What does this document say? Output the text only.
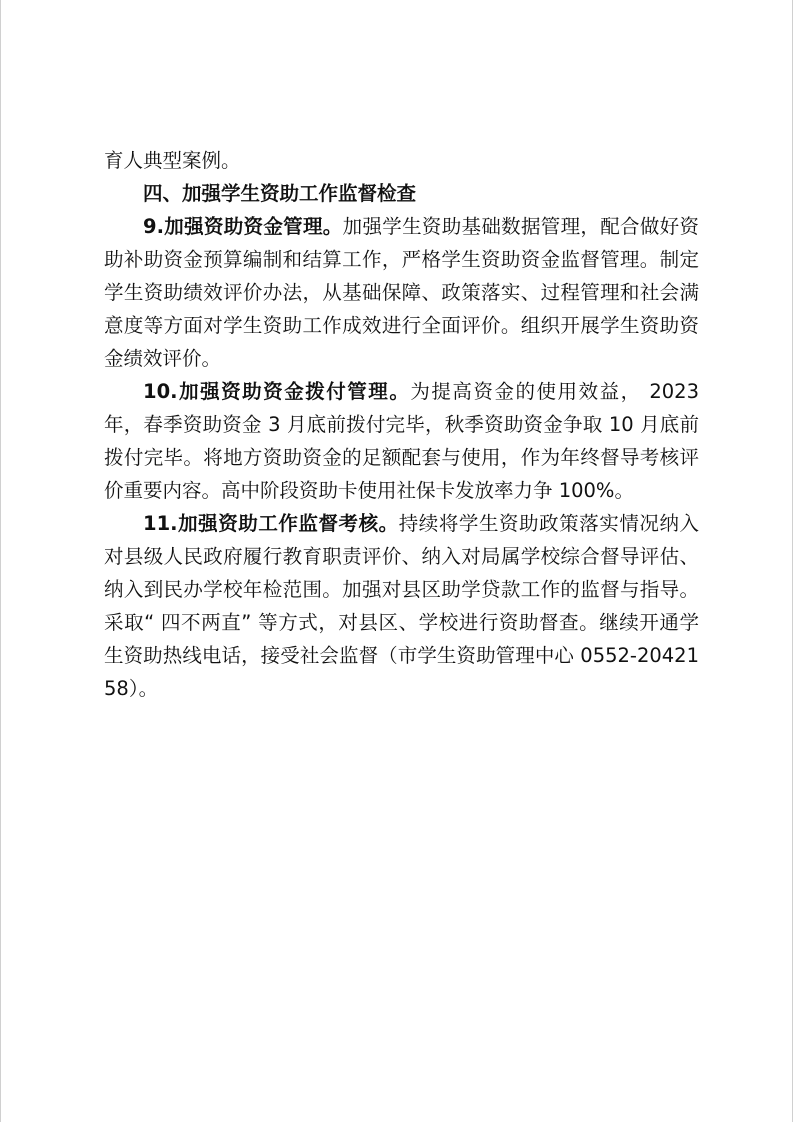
育人典型案例。

四、加强学生资助工作监督检查

9.加强资助资金管理。加强学生资助基础数据管理，配合做好资助补助资金预算编制和结算工作，严格学生资助资金监督管理。制定学生资助绩效评价办法，从基础保障、政策落实、过程管理和社会满意度等方面对学生资助工作成效进行全面评价。组织开展学生资助资金绩效评价。

10.加强资助资金拨付管理。为提高资金的使用效益， 2023年，春季资助资金 3 月底前拨付完毕，秋季资助资金争取 10 月底前拨付完毕。将地方资助资金的足额配套与使用，作为年终督导考核评价重要内容。高中阶段资助卡使用社保卡发放率力争 100%。

11.加强资助工作监督考核。持续将学生资助政策落实情况纳入对县级人民政府履行教育职责评价、纳入对局属学校综合督导评估、纳入到民办学校年检范围。加强对县区助学贷款工作的监督与指导。采取“ 四不两直” 等方式，对县区、学校进行资助督查。继续开通学生资助热线电话，接受社会监督（市学生资助管理中心 0552-2042158）。
